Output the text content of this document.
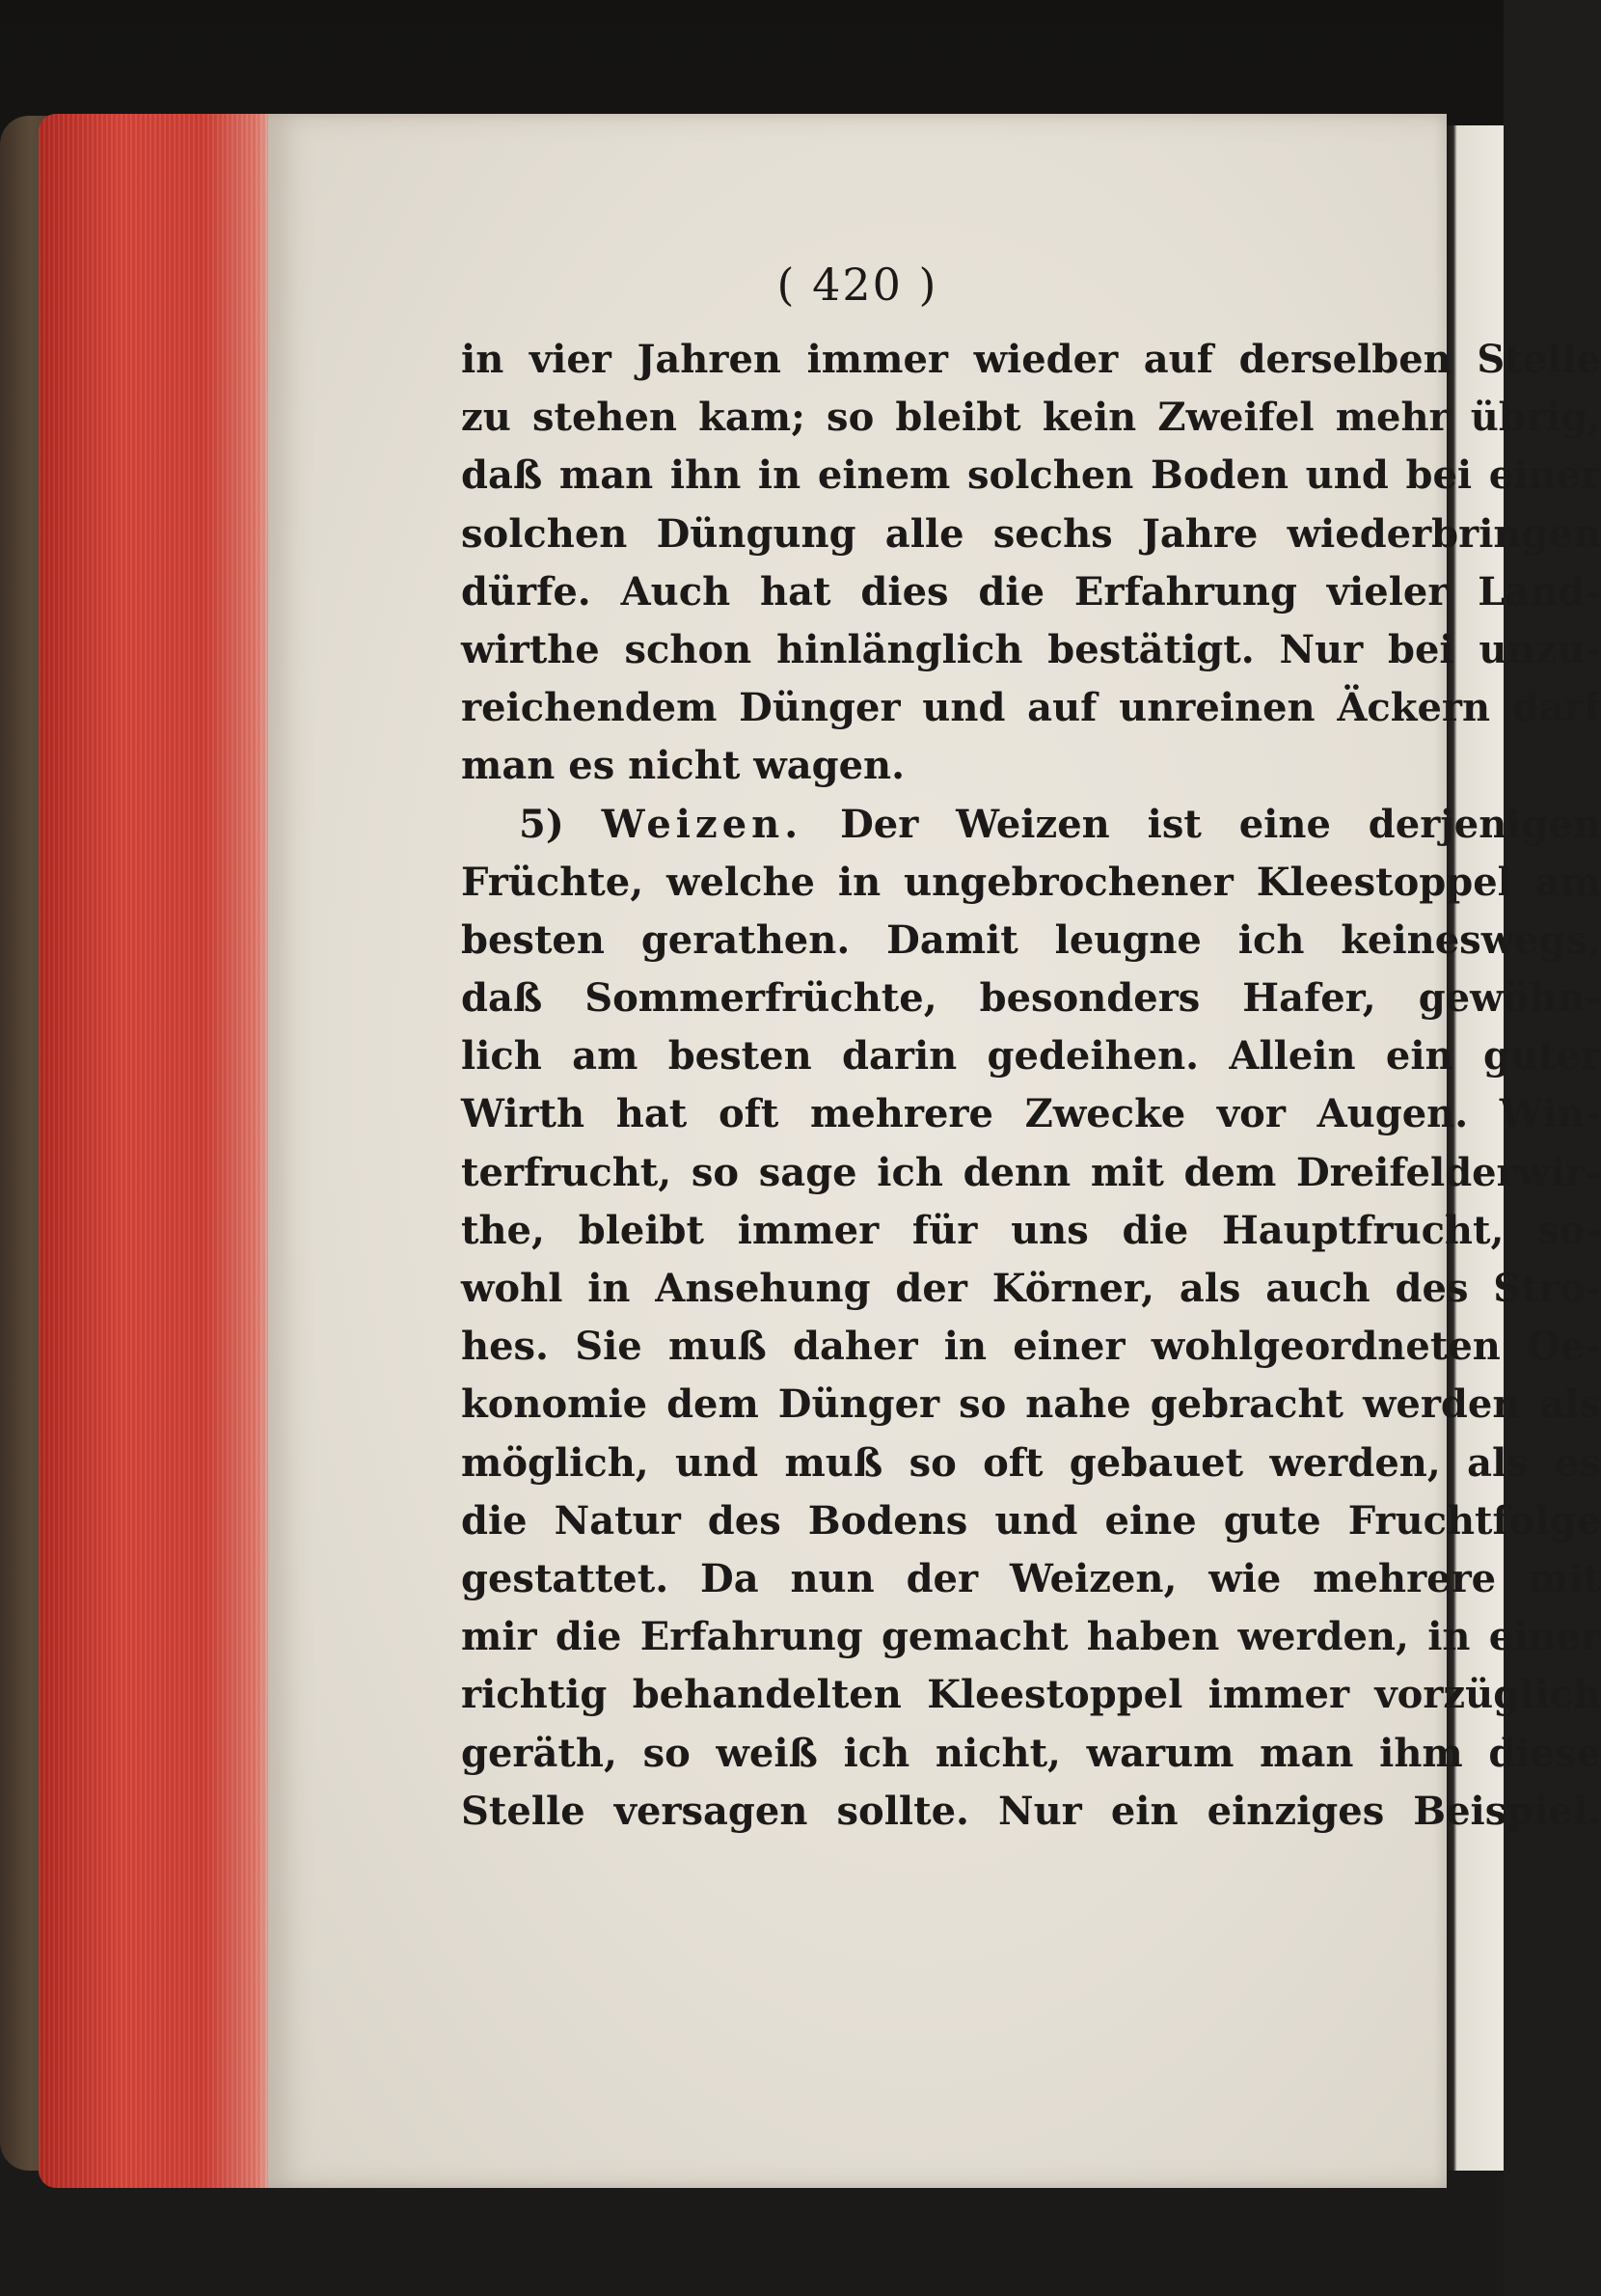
( 420 )
in vier Jahren immer wieder auf derselben Stelle
zu stehen kam; so bleibt kein Zweifel mehr übrig,
daß man ihn in einem solchen Boden und bei einer
solchen Düngung alle sechs Jahre wiederbringen
dürfe. Auch hat dies die Erfahrung vieler Land-
wirthe schon hinlänglich bestätigt. Nur bei unzu-
reichendem Dünger und auf unreinen Äckern darf
man es nicht wagen.
5) Weizen. Der Weizen ist eine derjenigen
Früchte, welche in ungebrochener Kleestoppel am
besten gerathen. Damit leugne ich keineswegs,
daß Sommerfrüchte, besonders Hafer, gewöhn-
lich am besten darin gedeihen. Allein ein guter
Wirth hat oft mehrere Zwecke vor Augen. Win-
terfrucht, so sage ich denn mit dem Dreifelderwir-
the, bleibt immer für uns die Hauptfrucht, so-
wohl in Ansehung der Körner, als auch des Stro-
hes. Sie muß daher in einer wohlgeordneten Oe-
konomie dem Dünger so nahe gebracht werden als
möglich, und muß so oft gebauet werden, als es
die Natur des Bodens und eine gute Fruchtfolge
gestattet. Da nun der Weizen, wie mehrere mit
mir die Erfahrung gemacht haben werden, in einer
richtig behandelten Kleestoppel immer vorzüglich
geräth, so weiß ich nicht, warum man ihm diese
Stelle versagen sollte. Nur ein einziges Beispiel.
